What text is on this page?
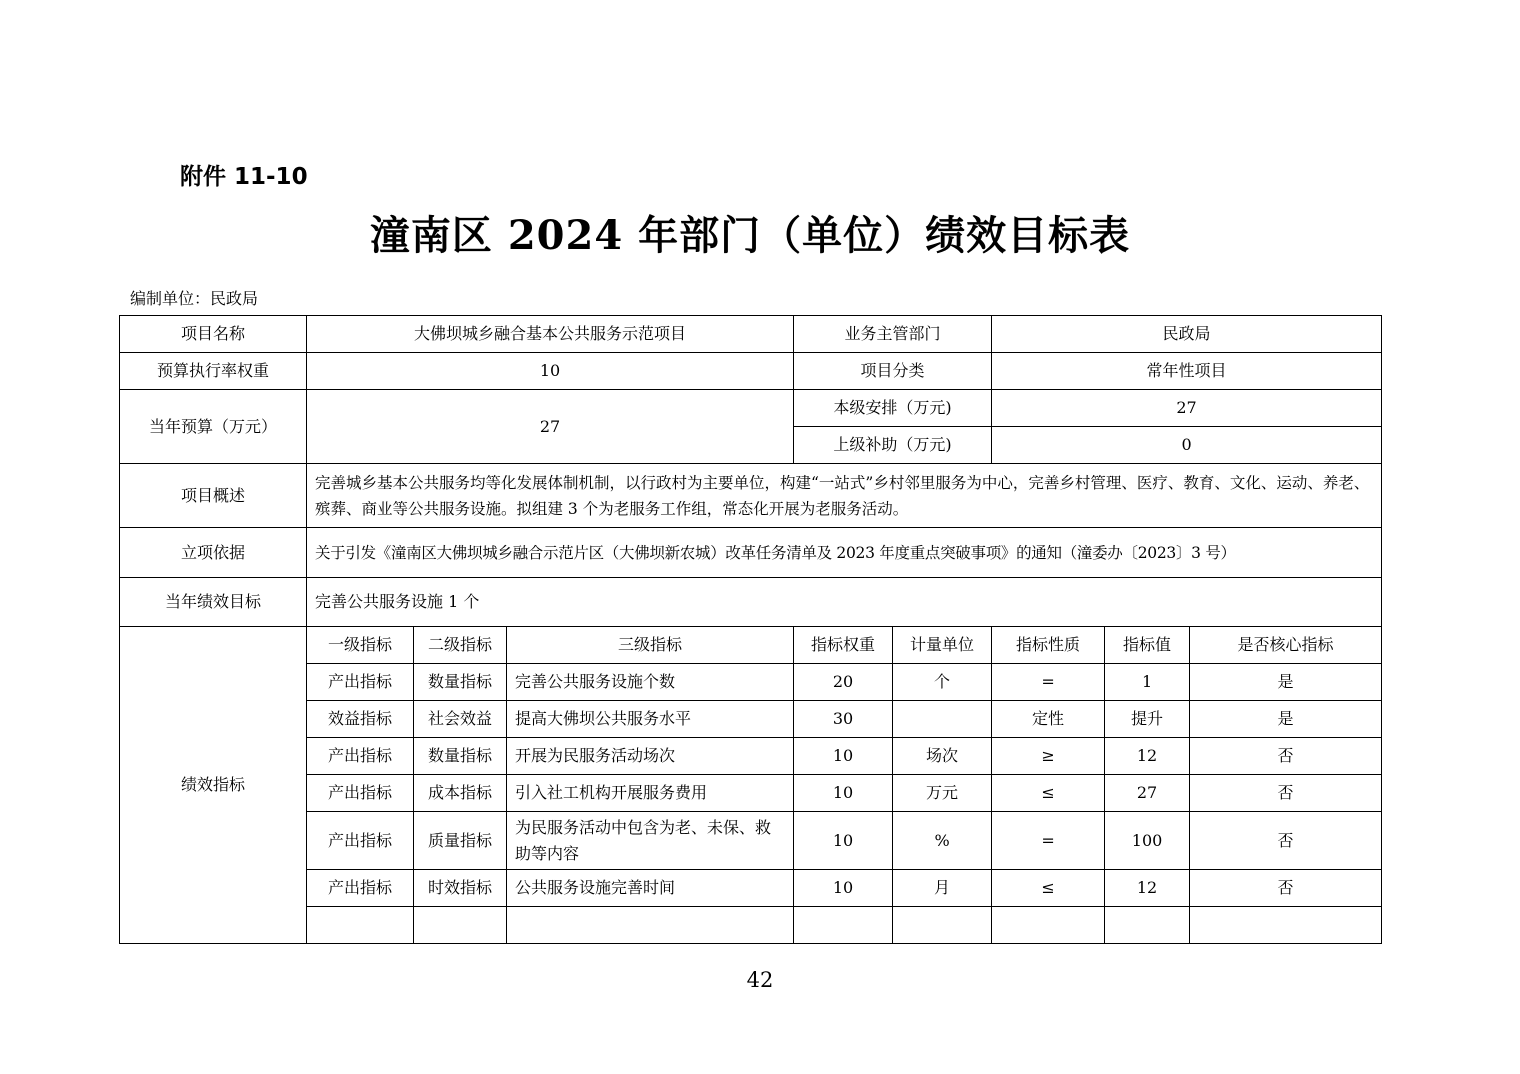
附件 11-10
潼南区 2024 年部门（单位）绩效目标表
编制单位：民政局
项目名称	大佛坝城乡融合基本公共服务示范项目			业务主管部门		民政局		
预算执行率权重	10			项目分类		常年性项目		
当年预算（万元）	27			本级安排（万元)		27		
				上级补助（万元)		0		
项目概述	完善城乡基本公共服务均等化发展体制机制，以行政村为主要单位，构建“一站式”乡村邻里服务为中心，完善乡村管理、医疗、教育、文化、运动、养老、殡葬、商业等公共服务设施。拟组建 3 个为老服务工作组，常态化开展为老服务活动。							
立项依据	关于引发《潼南区大佛坝城乡融合示范片区（大佛坝新农城）改革任务清单及 2023 年度重点突破事项》的通知（潼委办〔2023〕3 号）							
当年绩效目标	完善公共服务设施 1 个							
绩效指标	一级指标	二级指标	三级指标	指标权重	计量单位	指标性质	指标值	是否核心指标
	产出指标	数量指标	完善公共服务设施个数	20	个	=	1	是
	效益指标	社会效益	提高大佛坝公共服务水平	30		定性	提升	是
	产出指标	数量指标	开展为民服务活动场次	10	场次	≥	12	否
	产出指标	成本指标	引入社工机构开展服务费用	10	万元	≤	27	否
	产出指标	质量指标	为民服务活动中包含为老、未保、救助等内容	10	%	=	100	否
	产出指标	时效指标	公共服务设施完善时间	10	月	≤	12	否

42
